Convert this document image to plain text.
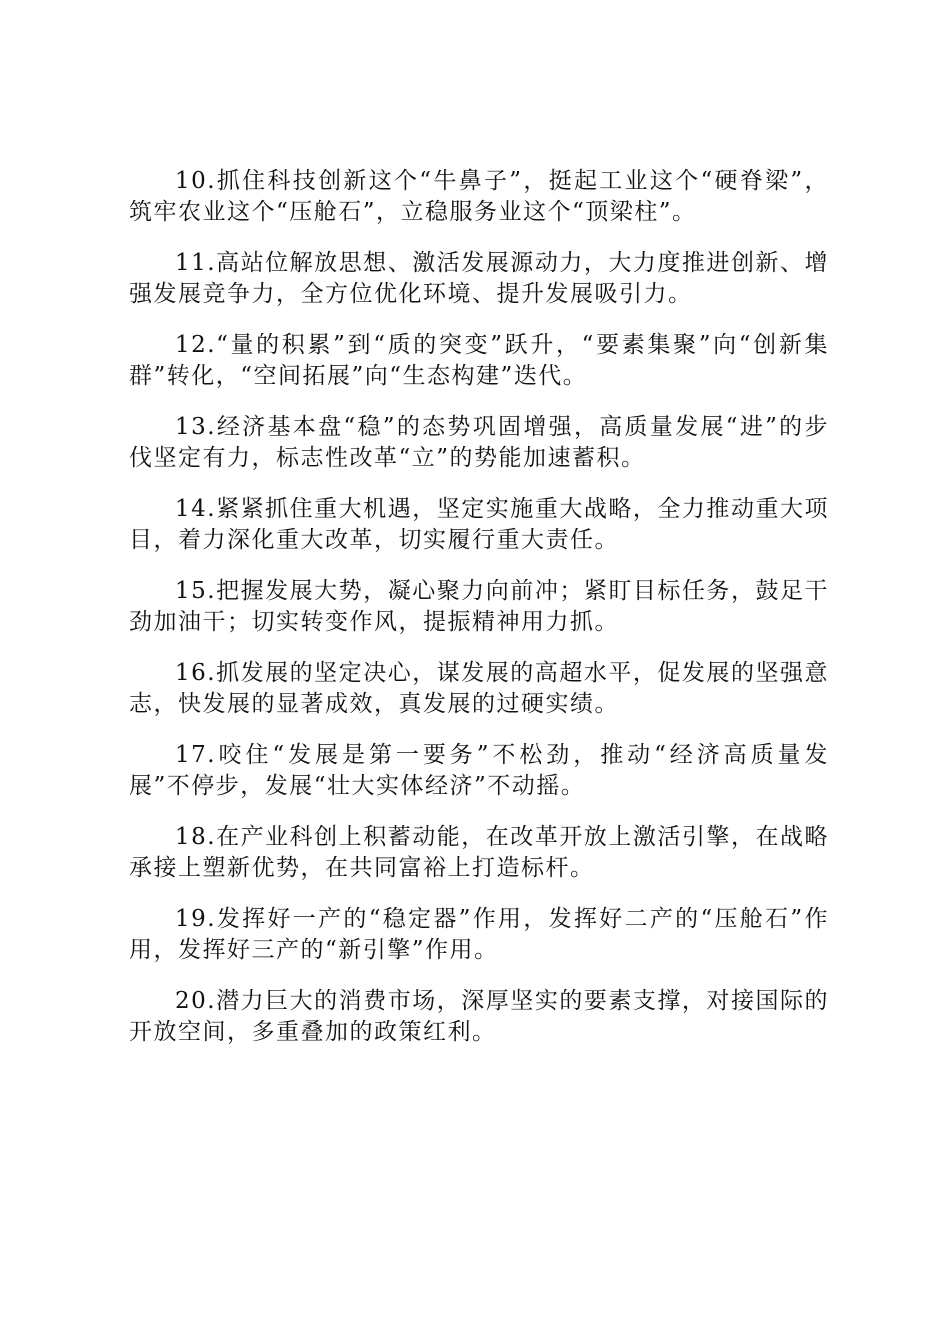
10.抓住科技创新这个“牛鼻子”，挺起工业这个“硬脊梁”，筑牢农业这个“压舱石”，立稳服务业这个“顶梁柱”。

11.高站位解放思想、激活发展源动力，大力度推进创新、增强发展竞争力，全方位优化环境、提升发展吸引力。

12.“量的积累”到“质的突变”跃升，“要素集聚”向“创新集群”转化，“空间拓展”向“生态构建”迭代。

13.经济基本盘“稳”的态势巩固增强，高质量发展“进”的步伐坚定有力，标志性改革“立”的势能加速蓄积。

14.紧紧抓住重大机遇，坚定实施重大战略，全力推动重大项目，着力深化重大改革，切实履行重大责任。

15.把握发展大势，凝心聚力向前冲；紧盯目标任务，鼓足干劲加油干；切实转变作风，提振精神用力抓。

16.抓发展的坚定决心，谋发展的高超水平，促发展的坚强意志，快发展的显著成效，真发展的过硬实绩。

17.咬住“发展是第一要务”不松劲，推动“经济高质量发展”不停步，发展“壮大实体经济”不动摇。

18.在产业科创上积蓄动能，在改革开放上激活引擎，在战略承接上塑新优势，在共同富裕上打造标杆。

19.发挥好一产的“稳定器”作用，发挥好二产的“压舱石”作用，发挥好三产的“新引擎”作用。

20.潜力巨大的消费市场，深厚坚实的要素支撑，对接国际的开放空间，多重叠加的政策红利。
